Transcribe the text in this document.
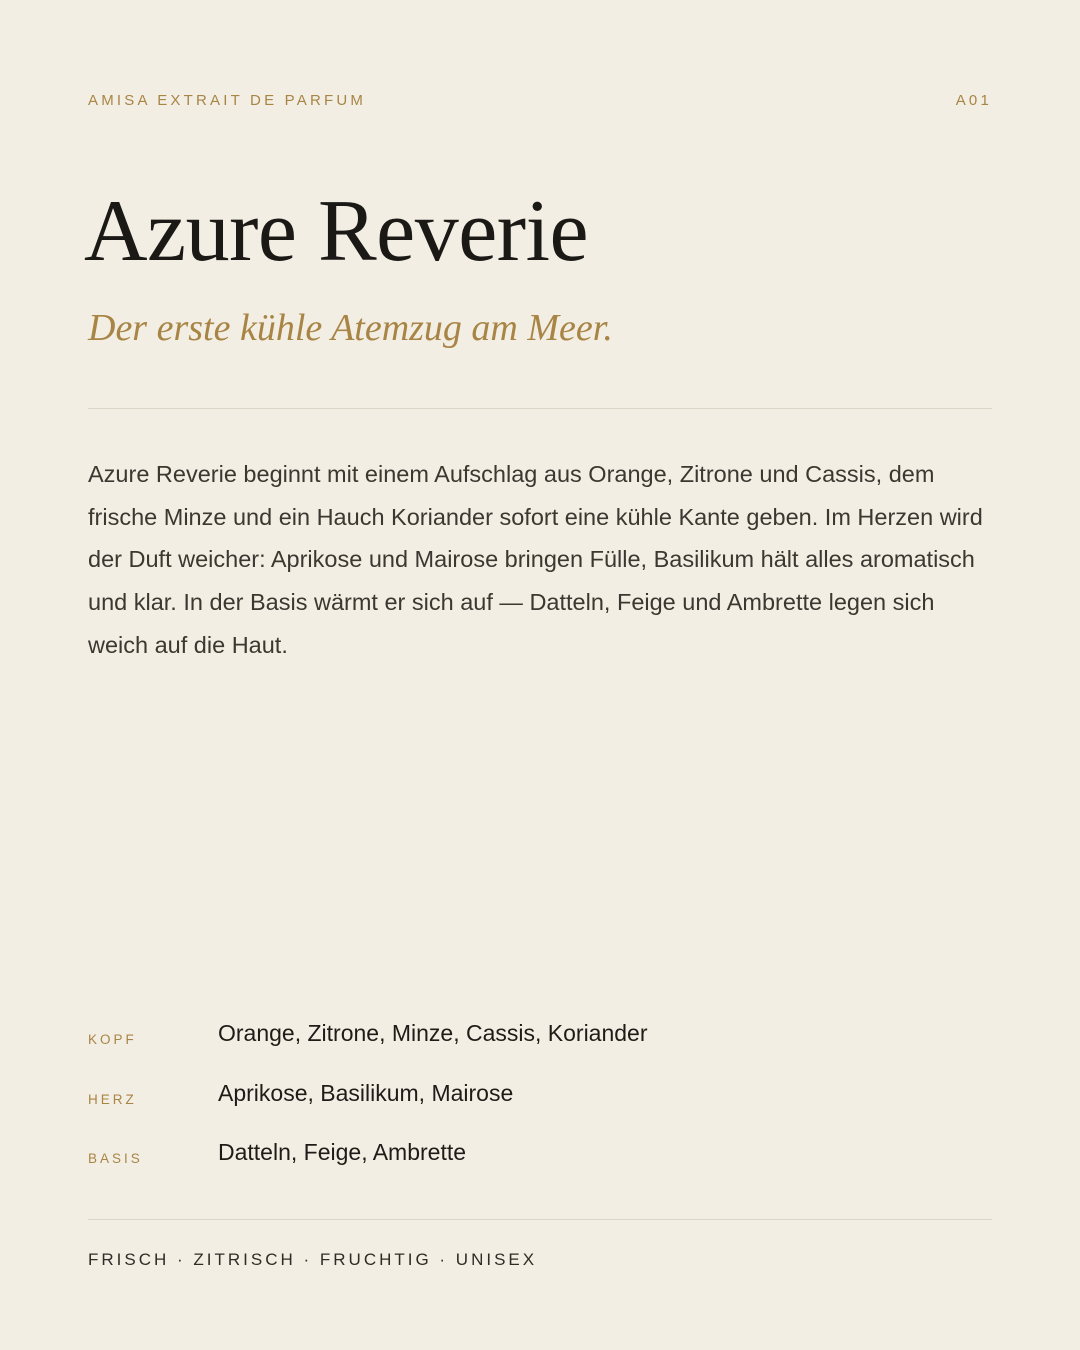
AMISA EXTRAIT DE PARFUM	A01
Azure Reverie

Der erste kühle Atemzug am Meer.

Azure Reverie beginnt mit einem Aufschlag aus Orange, Zitrone und Cassis, dem frische Minze und ein Hauch Koriander sofort eine kühle Kante geben. Im Herzen wird der Duft weicher: Aprikose und Mairose bringen Fülle, Basilikum hält alles aromatisch und klar. In der Basis wärmt er sich auf — Datteln, Feige und Ambrette legen sich weich auf die Haut.

KOPF	Orange, Zitrone, Minze, Cassis, Koriander
HERZ	Aprikose, Basilikum, Mairose
BASIS	Datteln, Feige, Ambrette
FRISCH · ZITRISCH · FRUCHTIG · UNISEX
